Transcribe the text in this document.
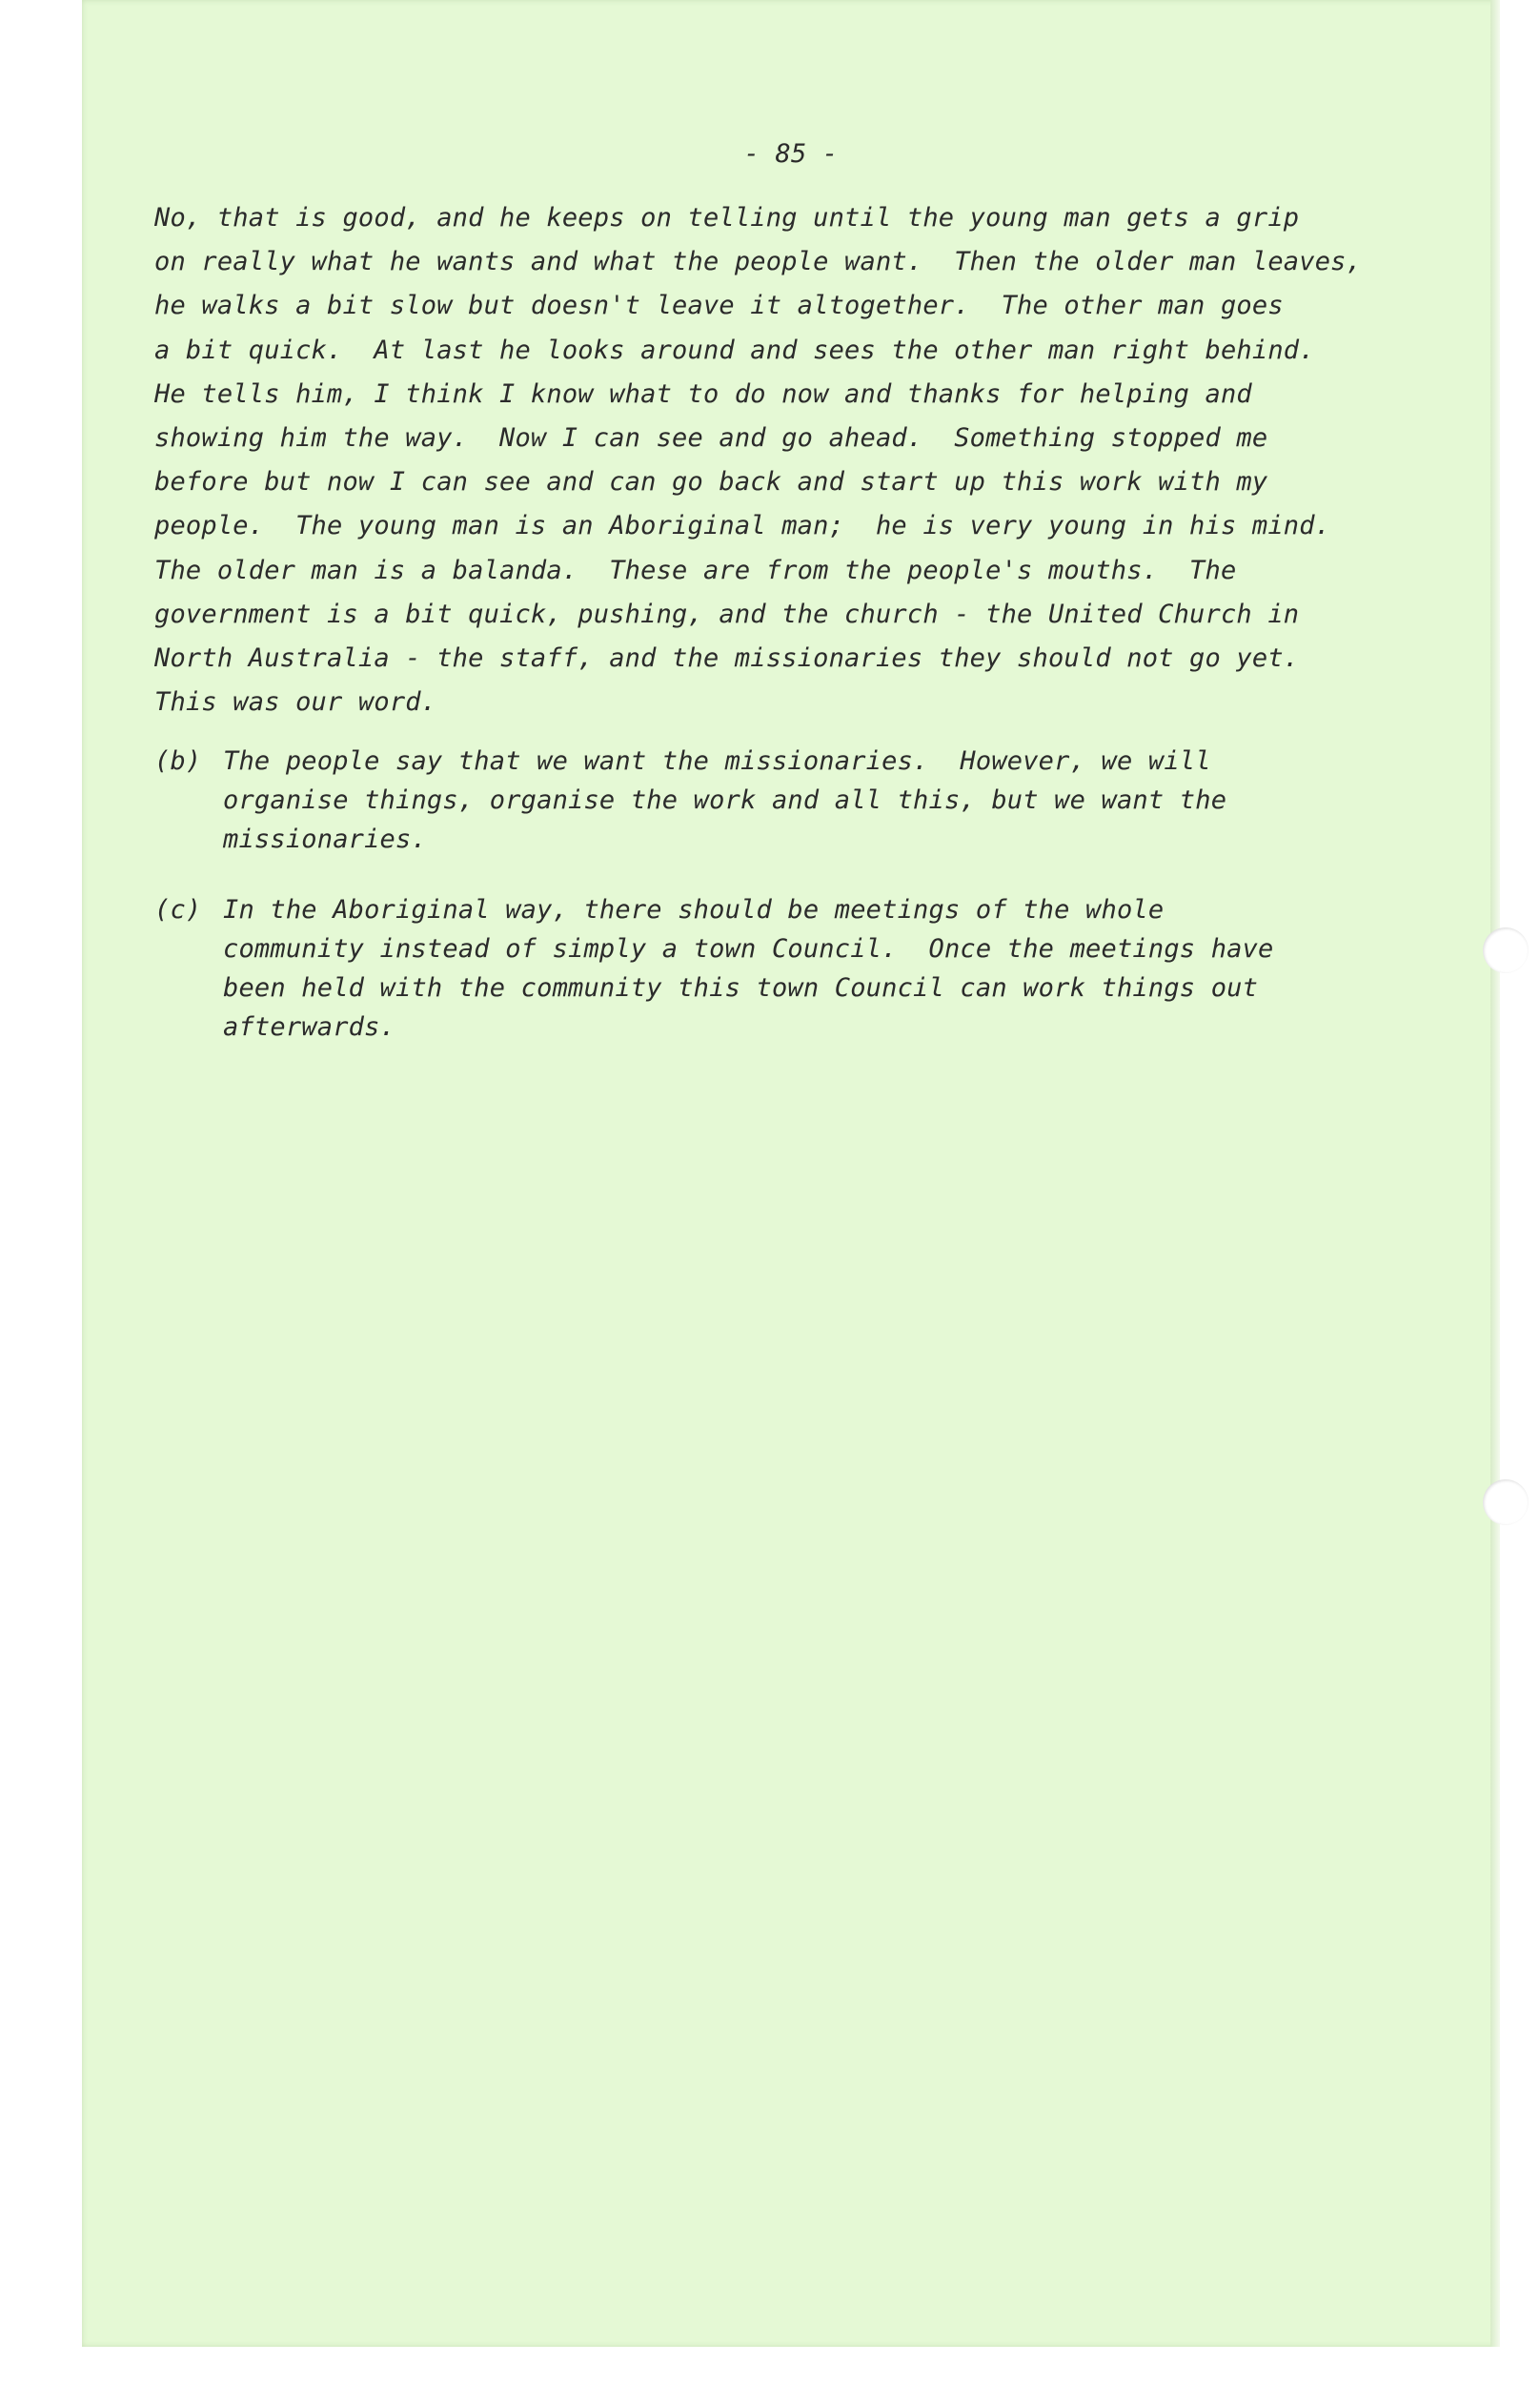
- 85 -
No, that is good, and he keeps on telling until the young man gets a grip
on really what he wants and what the people want.  Then the older man leaves,
he walks a bit slow but doesn't leave it altogether.  The other man goes
a bit quick.  At last he looks around and sees the other man right behind.
He tells him, I think I know what to do now and thanks for helping and
showing him the way.  Now I can see and go ahead.  Something stopped me
before but now I can see and can go back and start up this work with my
people.  The young man is an Aboriginal man;  he is very young in his mind.
The older man is a balanda.  These are from the people's mouths.  The
government is a bit quick, pushing, and the church - the United Church in
North Australia - the staff, and the missionaries they should not go yet.
This was our word.
(b) The people say that we want the missionaries.  However, we will
organise things, organise the work and all this, but we want the
missionaries.
(c) In the Aboriginal way, there should be meetings of the whole
community instead of simply a town Council.  Once the meetings have
been held with the community this town Council can work things out
afterwards.
